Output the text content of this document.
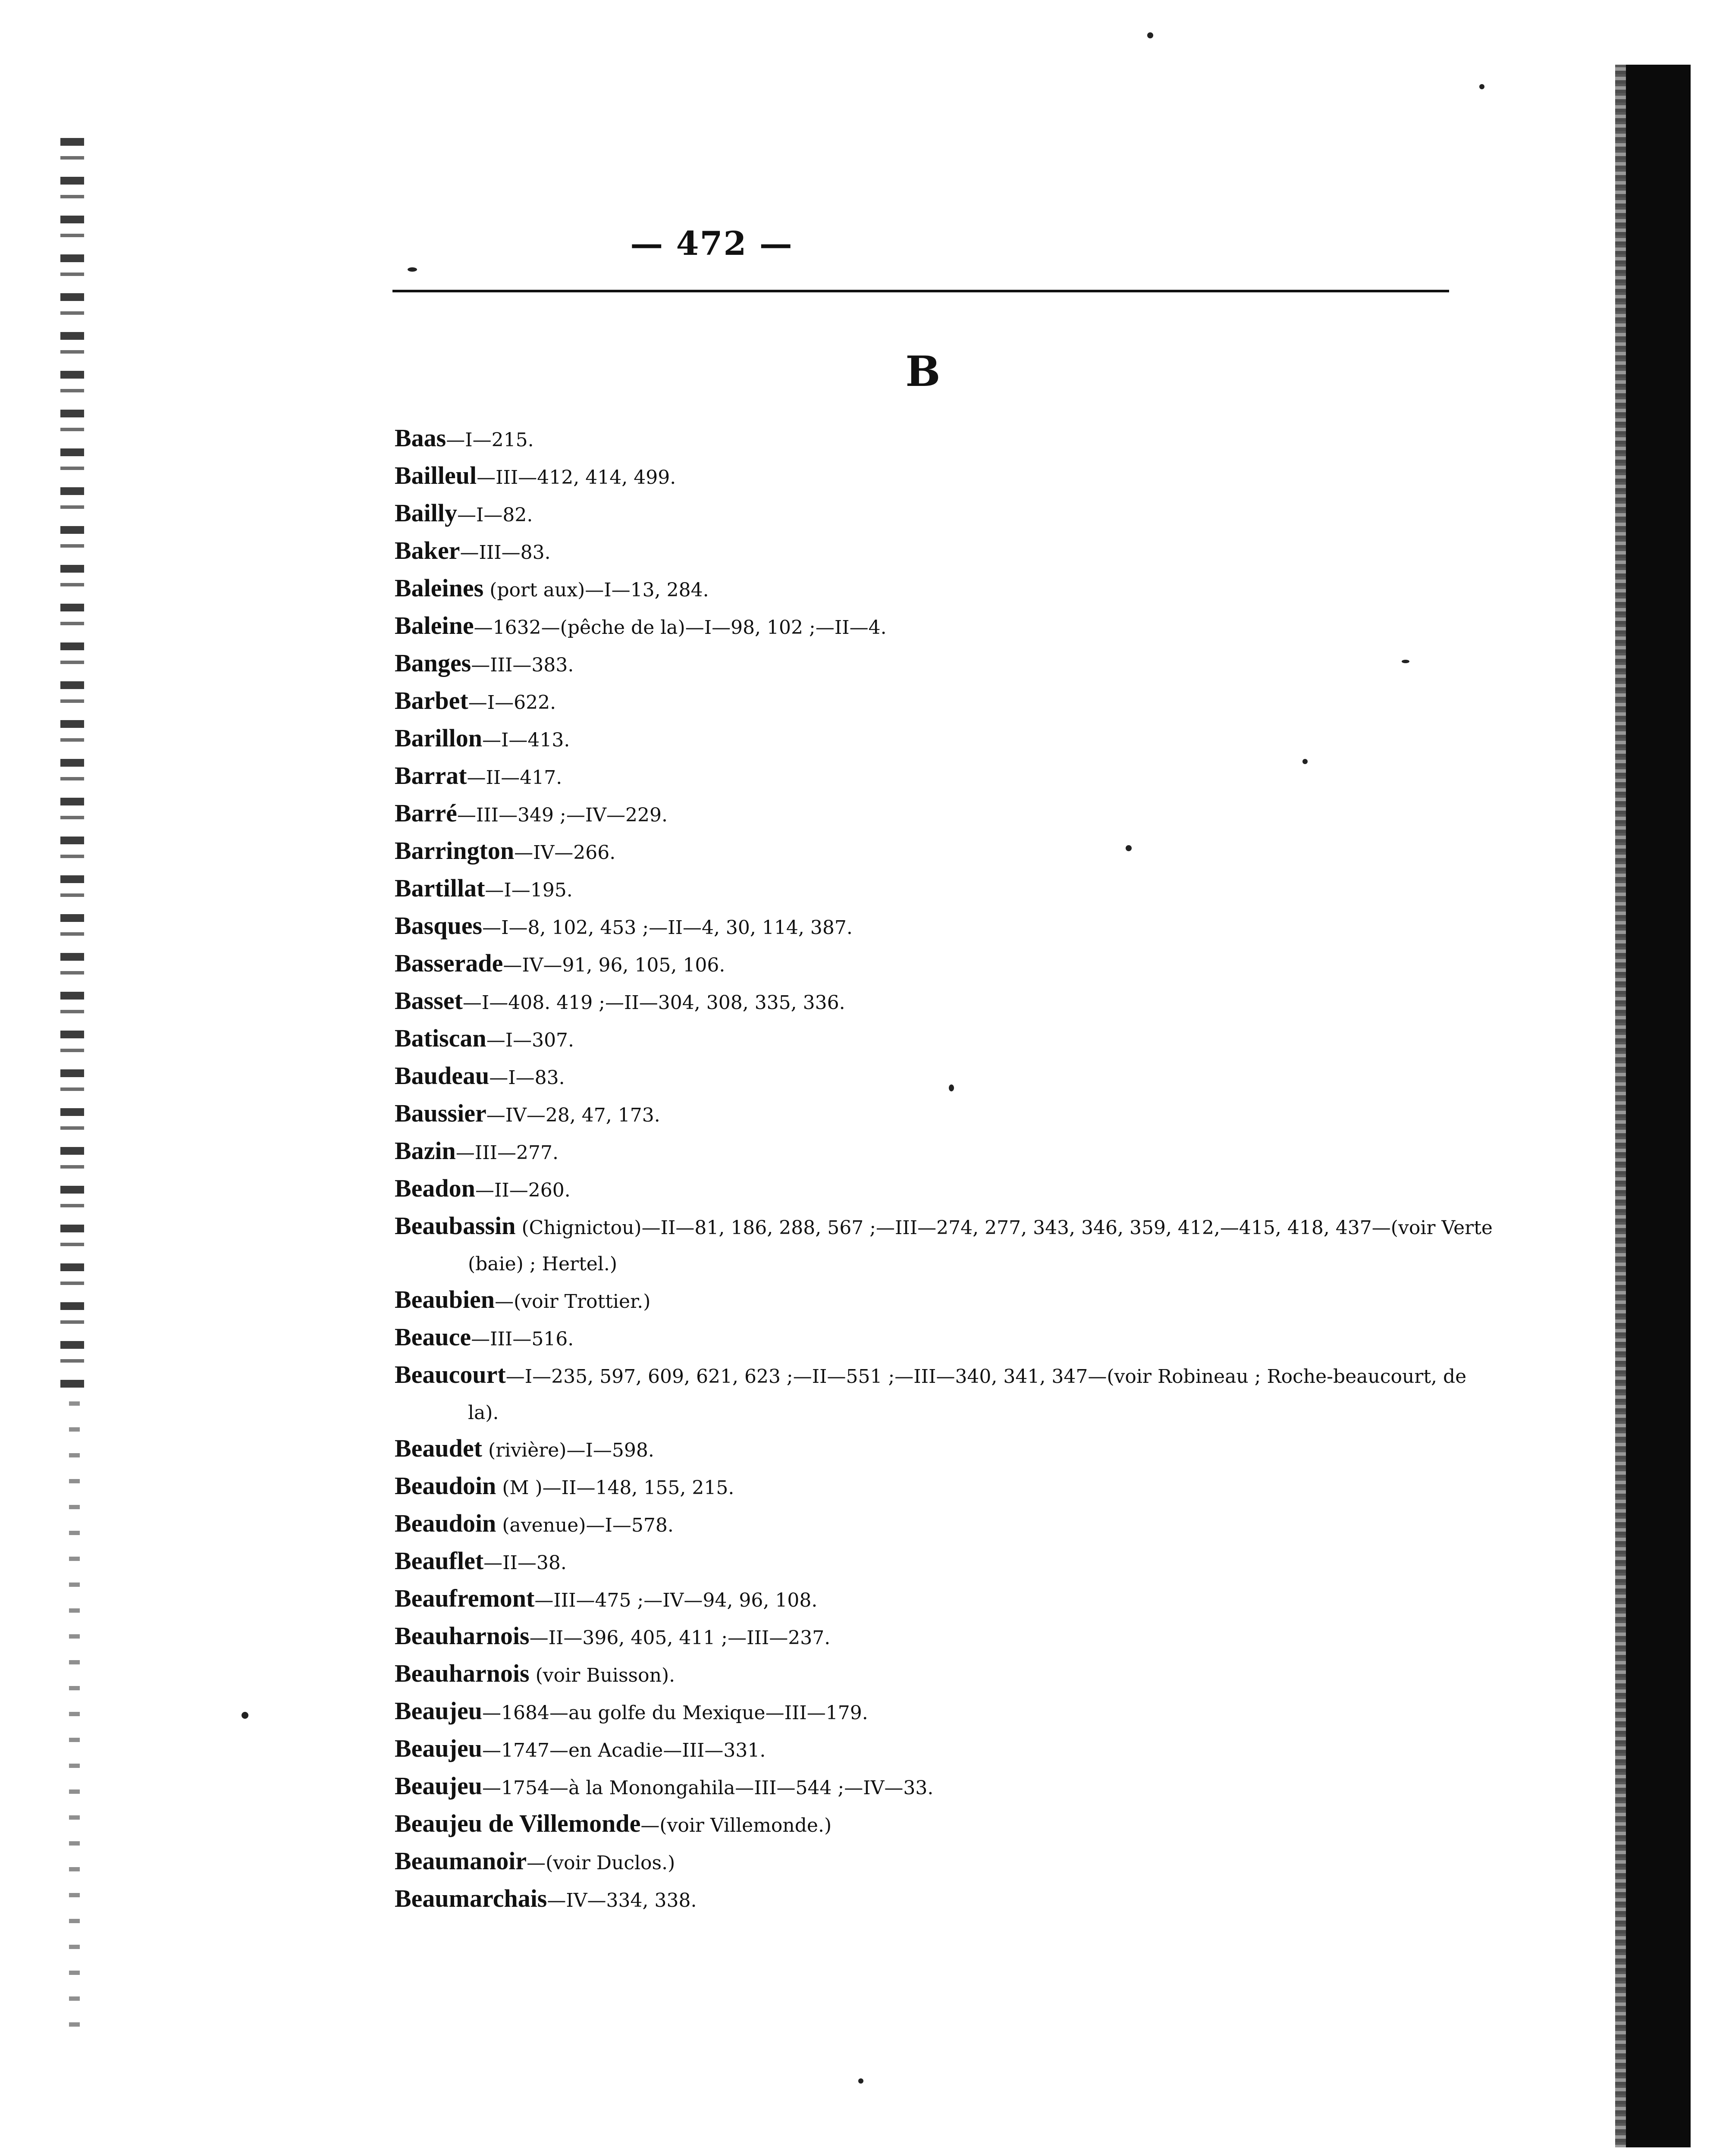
— 472 —
B

Baas—I—215.

Bailleul—III—412, 414, 499.

Bailly—I—82.

Baker—III—83.

Baleines (port aux)—I—13, 284.

Baleine—1632—(pêche de la)—I—98, 102 ;—II—4.

Banges—III—383.

Barbet—I—622.

Barillon—I—413.

Barrat—II—417.

Barré—III—349 ;—IV—229.

Barrington—IV—266.

Bartillat—I—195.

Basques—I—8, 102, 453 ;—II—4, 30, 114, 387.

Basserade—IV—91, 96, 105, 106.

Basset—I—408. 419 ;—II—304, 308, 335, 336.

Batiscan—I—307.

Baudeau—I—83.

Baussier—IV—28, 47, 173.

Bazin—III—277.

Beadon—II—260.

Beaubassin (Chignictou)—II—81, 186, 288, 567 ;—III—274, 277, 343, 346, 359, 412,—415, 418, 437—(voir Verte (baie) ; Hertel.)

Beaubien—(voir Trottier.)

Beauce—III—516.

Beaucourt—I—235, 597, 609, 621, 623 ;—II—551 ;—III—340, 341, 347—(voir Robineau ; Roche-beaucourt, de la).

Beaudet (rivière)—I—598.

Beaudoin (M )—II—148, 155, 215.

Beaudoin (avenue)—I—578.

Beauflet—II—38.

Beaufremont—III—475 ;—IV—94, 96, 108.

Beauharnois—II—396, 405, 411 ;—III—237.

Beauharnois (voir Buisson).

Beaujeu—1684—au golfe du Mexique—III—179.

Beaujeu—1747—en Acadie—III—331.

Beaujeu—1754—à la Monongahila—III—544 ;—IV—33.

Beaujeu de Villemonde—(voir Villemonde.)

Beaumanoir—(voir Duclos.)

Beaumarchais—IV—334, 338.
